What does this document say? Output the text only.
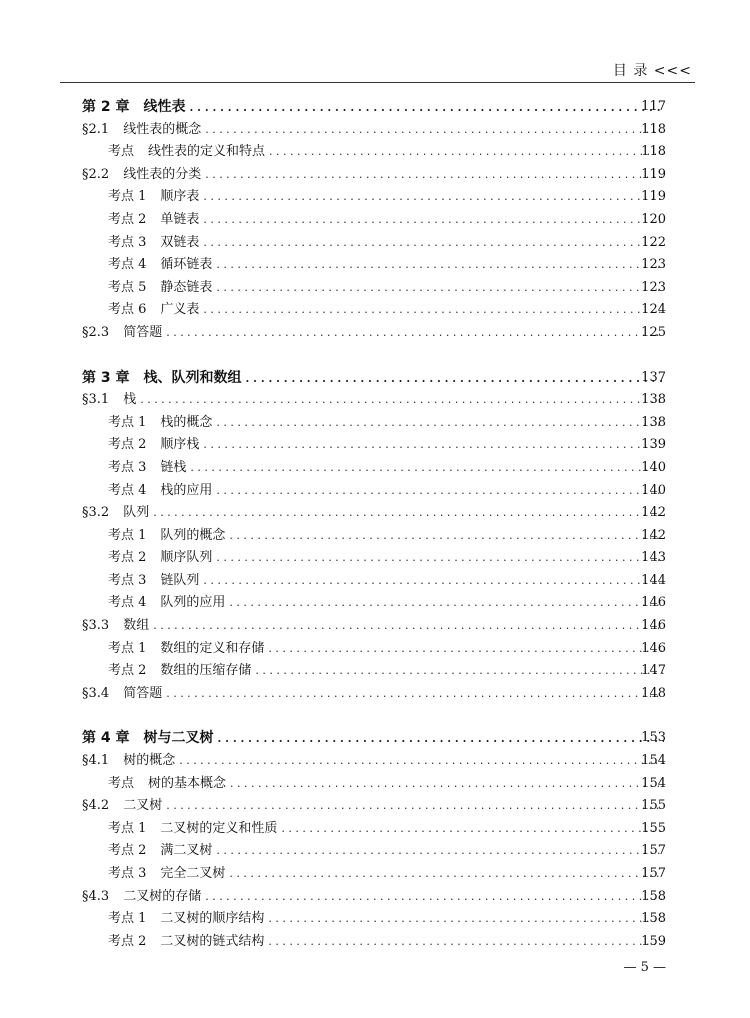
目 录 <<<
第 2 章 线性表 . . .	117
§2.1 线性表的概念 . . .	118
考点 线性表的定义和特点 . . .	118
§2.2 线性表的分类 . . .	119
考点 1 顺序表 . . .	119
考点 2 单链表 . . .	120
考点 3 双链表 . . .	122
考点 4 循环链表 . . .	123
考点 5 静态链表 . . .	123
考点 6 广义表 . . .	124
§2.3 简答题 . . .	125
第 3 章 栈、队列和数组 . . .	137
§3.1 栈 . . .	138
考点 1 栈的概念 . . .	138
考点 2 顺序栈 . . .	139
考点 3 链栈 . . .	140
考点 4 栈的应用 . . .	140
§3.2 队列 . . .	142
考点 1 队列的概念 . . .	142
考点 2 顺序队列 . . .	143
考点 3 链队列 . . .	144
考点 4 队列的应用 . . .	146
§3.3 数组 . . .	146
考点 1 数组的定义和存储 . . .	146
考点 2 数组的压缩存储 . . .	147
§3.4 简答题 . . .	148
第 4 章 树与二叉树 . . .	153
§4.1 树的概念 . . .	154
考点 树的基本概念 . . .	154
§4.2 二叉树 . . .	155
考点 1 二叉树的定义和性质 . . .	155
考点 2 满二叉树 . . .	157
考点 3 完全二叉树 . . .	157
§4.3 二叉树的存储 . . .	158
考点 1 二叉树的顺序结构 . . .	158
考点 2 二叉树的链式结构 . . .	159
— 5 —
